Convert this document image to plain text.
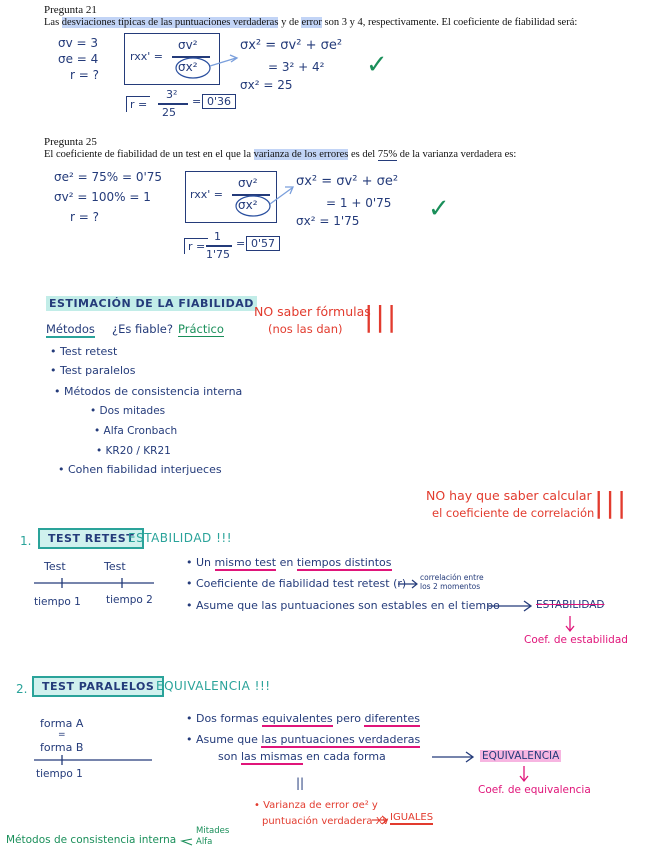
Pregunta 21
Las desviaciones típicas de las puntuaciones verdaderas y de error son 3 y 4, respectivamente. El coeficiente de fiabilidad será:
σv = 3
σe = 4
r = ?
rxx' =
σv²
σx²
σx² = σv² + σe²
= 3² + 4²
σx² = 25
✓
r =
3²
25
= 0'36
Pregunta 25
El coeficiente de fiabilidad de un test en el que la varianza de los errores es del 75% de la varianza verdadera es:
σe² = 75% = 0'75
σv² = 100% = 1
r = ?
rxx' =
σv²
σx²
σx² = σv² + σe²
= 1 + 0'75
σx² = 1'75	✓
r =
1
1'75
= 0'57
ESTIMACIÓN DE LA FIABILIDAD
Métodos ¿Es fiable? Práctico
NO saber fórmulas
(nos las dan) |||
• Test retest
• Test paralelos
• Métodos de consistencia interna
• Dos mitades
• Alfa Cronbach
• KR20 / KR21
• Cohen fiabilidad interjueces
NO hay que saber calcular
el coeficiente de correlación |||
1.	TEST RETEST
ESTABILIDAD !!!
Test	Test
tiempo 1 tiempo 2
• Un mismo test en tiempos distintos
• Coeficiente de fiabilidad test retest (r) correlación entre
los 2 momentos
• Asume que las puntuaciones son estables en el tiempo	ESTABILIDAD
Coef. de estabilidad
2.	TEST PARALELOS EQUIVALENCIA !!!
forma A
=
forma B
tiempo 1
• Dos formas equivalentes pero diferentes
• Asume que las puntuaciones verdaderas
son las mismas en cada forma	EQUIVALENCIA
Coef. de equivalencia
||
• Varianza de error σe² y
puntuación verdadera Xv IGUALES
Métodos de consistencia interna
Mitades
Alfa
